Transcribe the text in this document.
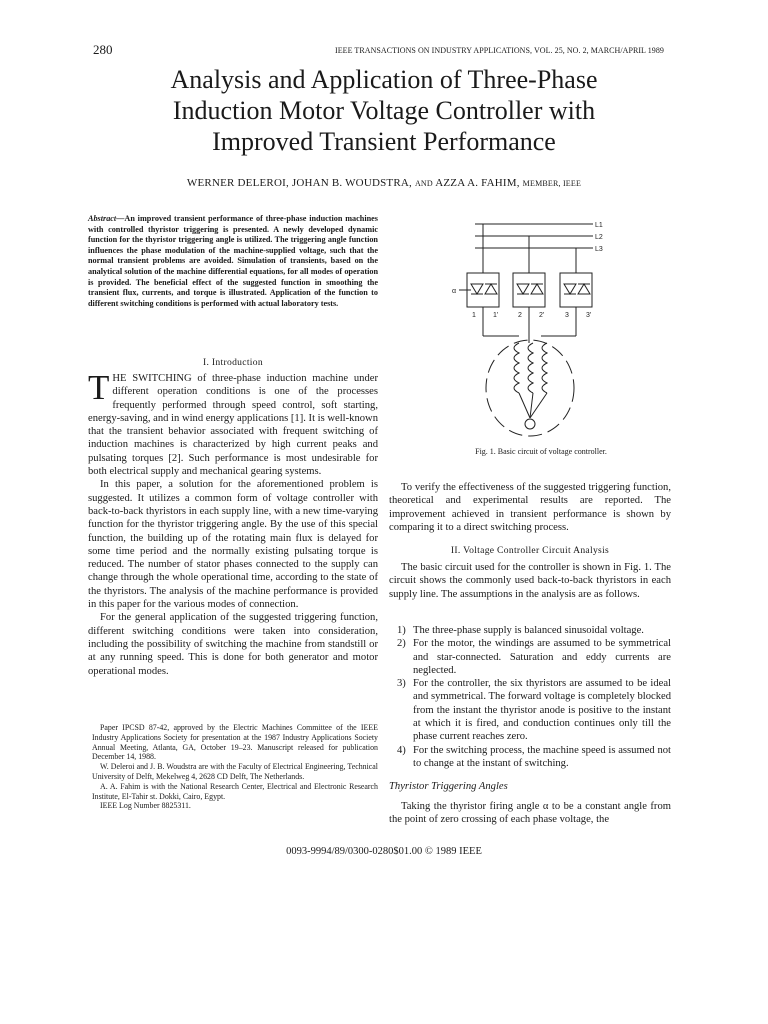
280	IEEE TRANSACTIONS ON INDUSTRY APPLICATIONS, VOL. 25, NO. 2, MARCH/APRIL 1989
Analysis and Application of Three-Phase
Induction Motor Voltage Controller with
Improved Transient Performance
WERNER DELEROI, JOHAN B. WOUDSTRA, AND AZZA A. FAHIM, MEMBER, IEEE
Abstract—An improved transient performance of three-phase induction machines with controlled thyristor triggering is presented. A newly developed dynamic function for the thyristor triggering angle is utilized. The triggering angle function influences the phase modulation of the machine-supplied voltage, such that the normal transient problems are avoided. Simulation of transients, based on the analytical solution of the machine differential equations, for all modes of operation is provided. The beneficial effect of the suggested function in smoothing the transient flux, currents, and torque is illustrated. Application of the function to different switching conditions is performed with actual laboratory tests.
I. Introduction

THE SWITCHING of three-phase induction machine under different operation conditions is one of the processes frequently performed through speed control, soft starting, energy-saving, and in wind energy applications [1]. It is well-known that the transient behavior associated with frequent switching of induction machines is characterized by high current peaks and pulsating torques [2]. Such performance is most undesirable for both electrical supply and mechanical gearing systems.

In this paper, a solution for the aforementioned problem is suggested. It utilizes a common form of voltage controller with back-to-back thyristors in each supply line, with a new time-varying function for the thyristor triggering angle. By the use of this special function, the building up of the rotating main flux is delayed for some time period and the normally existing pulsating torque is reduced. The number of stator phases connected to the supply can change through the whole operational time, according to the state of the thyristors. The analysis of the machine performance is provided in this paper for the various modes of connection.

For the general application of the suggested triggering function, different switching conditions were taken into consideration, including the possibility of switching the machine from standstill or at any running speed. This is done for both generator and motor operational modes.

Paper IPCSD 87-42, approved by the Electric Machines Committee of the IEEE Industry Applications Society for presentation at the 1987 Industry Applications Society Annual Meeting, Atlanta, GA, October 19–23. Manuscript released for publication December 14, 1988.

W. Deleroi and J. B. Woudstra are with the Faculty of Electrical Engineering, Technical University of Delft, Mekelweg 4, 2628 CD Delft, The Netherlands.

A. A. Fahim is with the National Research Center, Electrical and Electronic Research Institute, El-Tahir st. Dokki, Cairo, Egypt.

IEEE Log Number 8825311.

L1
L2
L3
α
1 1'	2 2'	3 3'
Fig. 1. Basic circuit of voltage controller.

To verify the effectiveness of the suggested triggering function, theoretical and experimental results are reported. The improvement achieved in transient performance is shown by comparing it to a direct switching process.

II. Voltage Controller Circuit Analysis

The basic circuit used for the controller is shown in Fig. 1. The circuit shows the commonly used back-to-back thyristors in each supply line. The assumptions in the analysis are as follows.

1) The three-phase supply is balanced sinusoidal voltage.
2) For the motor, the windings are assumed to be symmetrical and star-connected. Saturation and eddy currents are neglected.
3) For the controller, the six thyristors are assumed to be ideal and symmetrical. The forward voltage is completely blocked from the instant the thyristor anode is positive to the instant at which it is fired, and conduction continues only till the phase current reaches zero.
4) For the switching process, the machine speed is assumed not to change at the instant of switching.
Thyristor Triggering Angles

Taking the thyristor firing angle α to be a constant angle from the point of zero crossing of each phase voltage, the

0093-9994/89/0300-0280$01.00 © 1989 IEEE
